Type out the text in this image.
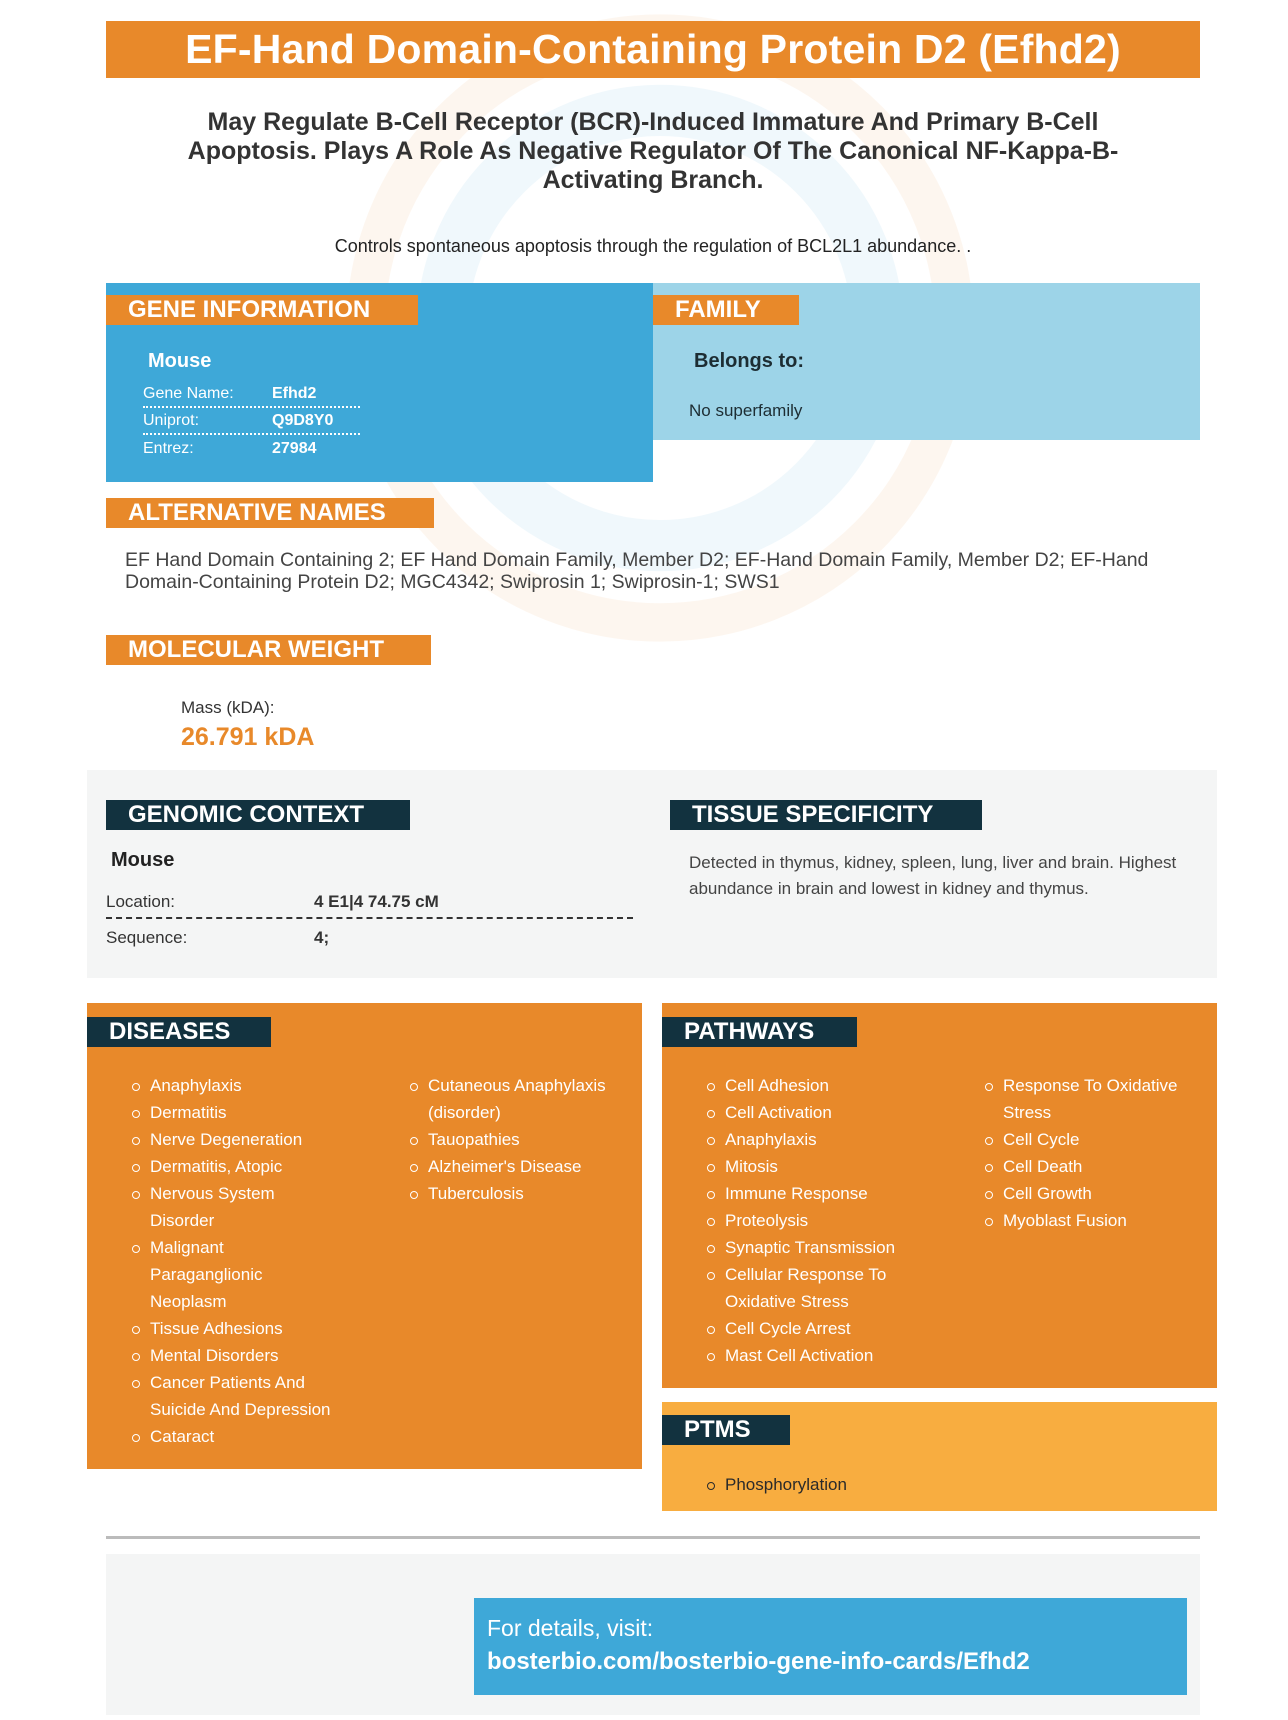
EF-Hand Domain-Containing Protein D2 (Efhd2)
May Regulate B-Cell Receptor (BCR)-Induced Immature And Primary B-Cell Apoptosis. Plays A Role As Negative Regulator Of The Canonical NF-Kappa-B-Activating Branch.
Controls spontaneous apoptosis through the regulation of BCL2L1 abundance. .
GENE INFORMATION	FAMILY
Mouse
Gene Name:	Efhd2
Uniprot:	Q9D8Y0
Entrez:	27984
Belongs to:
No superfamily
ALTERNATIVE NAMES
EF Hand Domain Containing 2; EF Hand Domain Family, Member D2; EF-Hand Domain Family, Member D2; EF-Hand Domain-Containing Protein D2; MGC4342; Swiprosin 1; Swiprosin-1; SWS1
MOLECULAR WEIGHT
Mass (kDA):
26.791 kDA
GENOMIC CONTEXT	TISSUE SPECIFICITY
Mouse
Location:	4 E1|4 74.75 cM
Sequence:	4;
Detected in thymus, kidney, spleen, lung, liver and brain. Highest abundance in brain and lowest in kidney and thymus.
DISEASES
Anaphylaxis
Dermatitis
Nerve Degeneration
Dermatitis, Atopic
Nervous System Disorder
Malignant Paraganglionic Neoplasm
Tissue Adhesions
Mental Disorders
Cancer Patients And Suicide And Depression
Cataract
Cutaneous Anaphylaxis (disorder)
Tauopathies
Alzheimer's Disease
Tuberculosis
PATHWAYS
Cell Adhesion
Cell Activation
Anaphylaxis
Mitosis
Immune Response
Proteolysis
Synaptic Transmission
Cellular Response To Oxidative Stress
Cell Cycle Arrest
Mast Cell Activation
Response To Oxidative Stress
Cell Cycle
Cell Death
Cell Growth
Myoblast Fusion
PTMS
Phosphorylation
For details, visit:
bosterbio.com/bosterbio-gene-info-cards/Efhd2
